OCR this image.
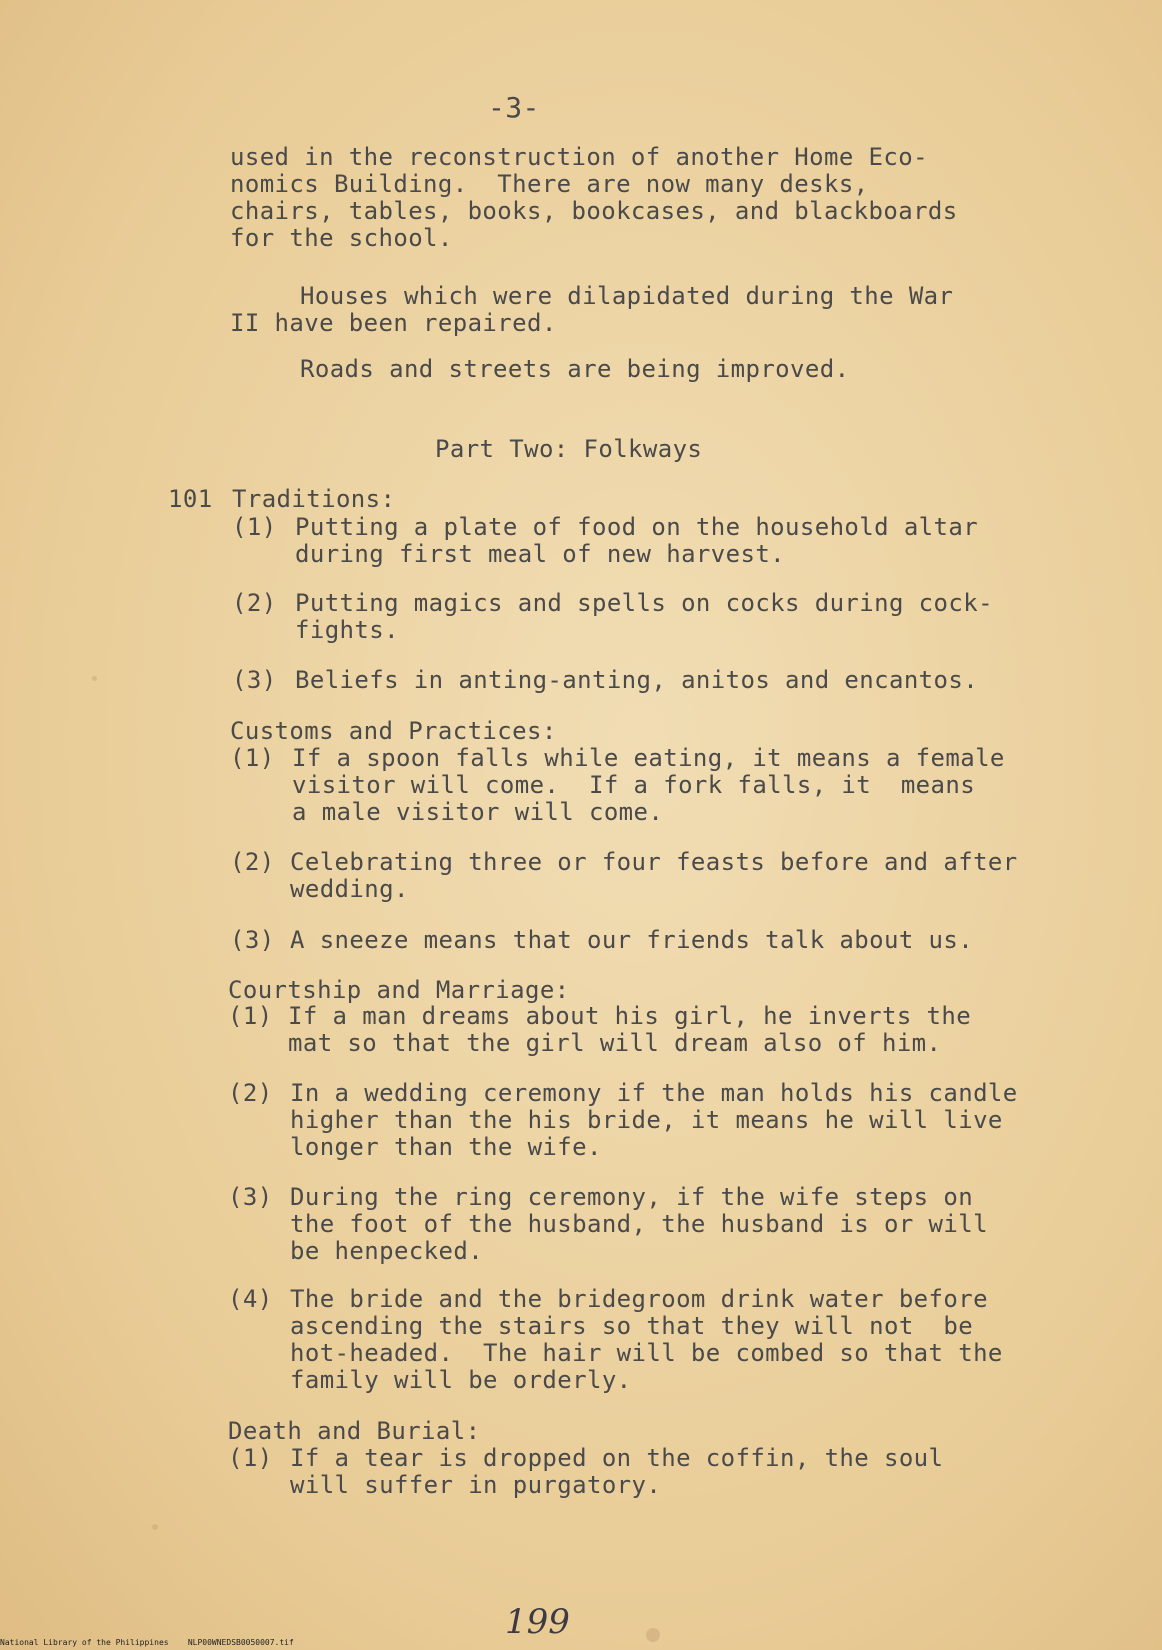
-3-
used in the reconstruction of another Home Eco-
nomics Building.  There are now many desks,
chairs, tables, books, bookcases, and blackboards
for the school.
Houses which were dilapidated during the War
II have been repaired.
Roads and streets are being improved.
Part Two: Folkways
101 Traditions:
(1) Putting a plate of food on the household altar
during first meal of new harvest.
(2) Putting magics and spells on cocks during cock-
fights.
(3) Beliefs in anting-anting, anitos and encantos.
Customs and Practices:
(1) If a spoon falls while eating, it means a female
visitor will come.  If a fork falls, it  means
a male visitor will come.
(2) Celebrating three or four feasts before and after
wedding.
(3) A sneeze means that our friends talk about us.
Courtship and Marriage:
(1) If a man dreams about his girl, he inverts the
mat so that the girl will dream also of him.
(2) In a wedding ceremony if the man holds his candle
higher than the his bride, it means he will live
longer than the wife.
(3) During the ring ceremony, if the wife steps on
the foot of the husband, the husband is or will
be henpecked.
(4) The bride and the bridegroom drink water before
ascending the stairs so that they will not  be
hot-headed.  The hair will be combed so that the
family will be orderly.
Death and Burial:
(1) If a tear is dropped on the coffin, the soul
will suffer in purgatory.
199
National Library of the Philippines    NLP00WNEDSB0050007.tif
